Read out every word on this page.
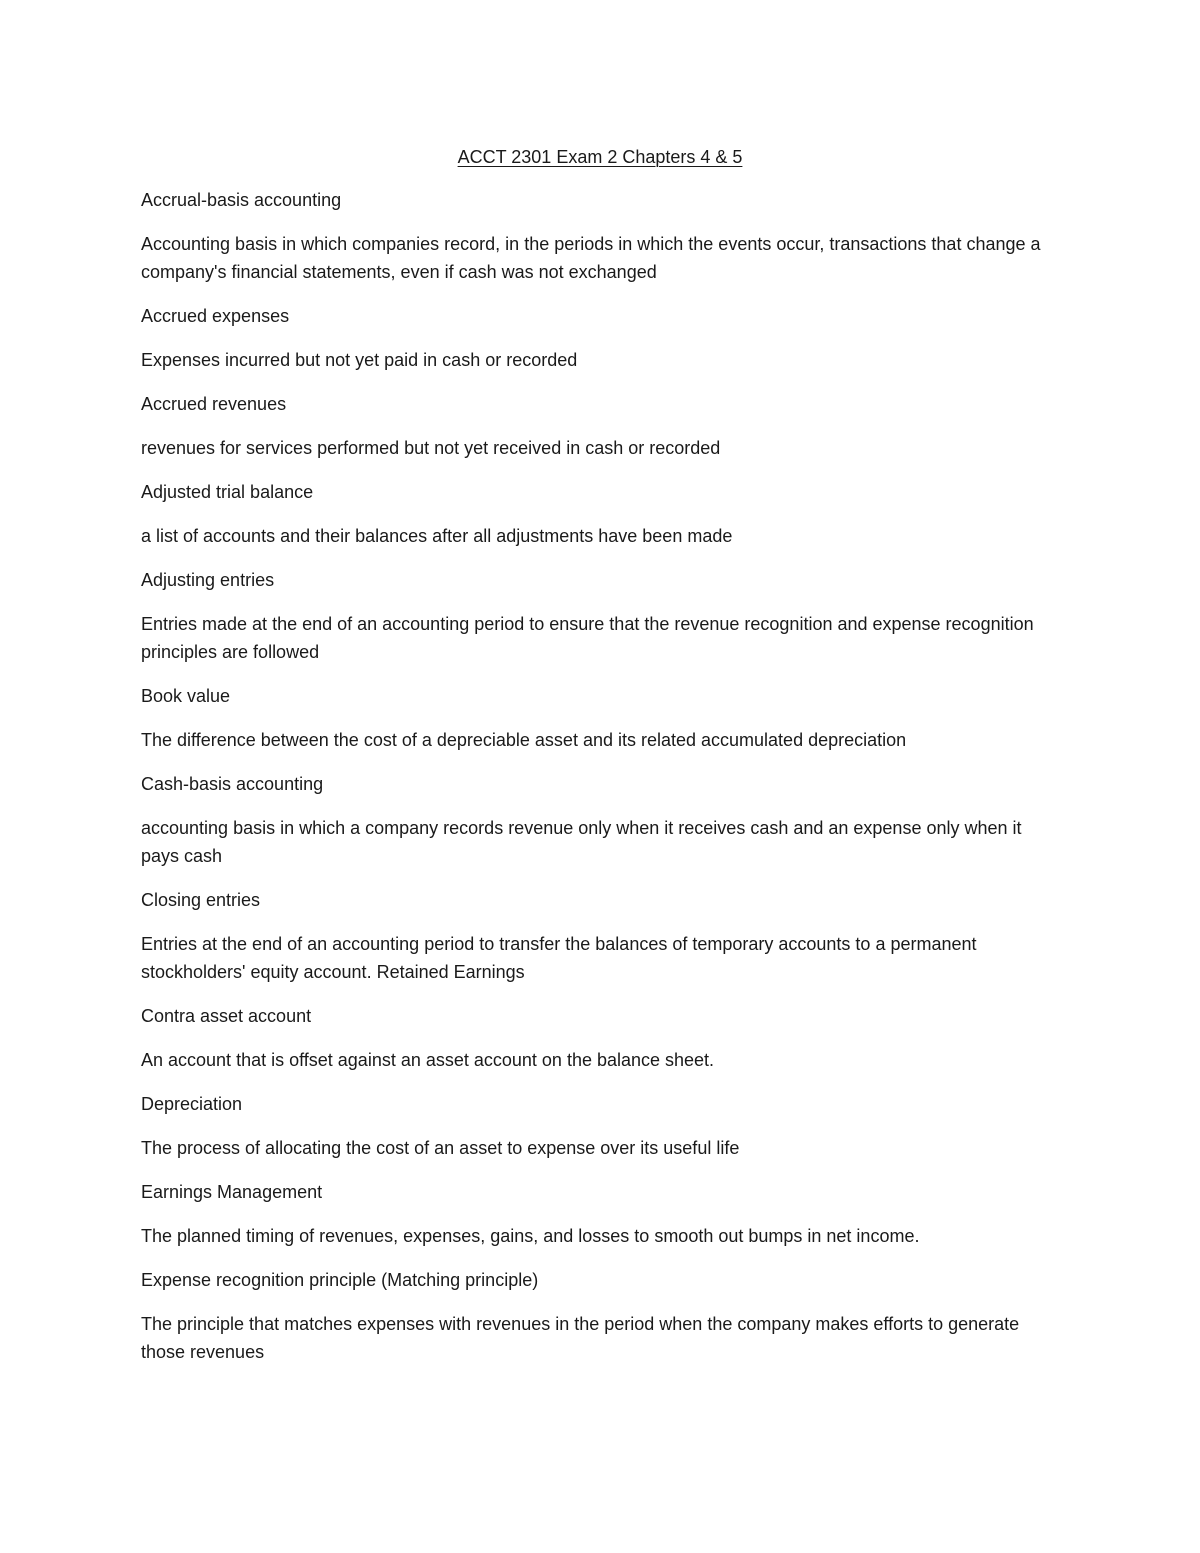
ACCT 2301 Exam 2 Chapters 4 & 5

Accrual-basis accounting

Accounting basis in which companies record, in the periods in which the events occur, transactions that change a company's financial statements, even if cash was not exchanged

Accrued expenses

Expenses incurred but not yet paid in cash or recorded

Accrued revenues

revenues for services performed but not yet received in cash or recorded

Adjusted trial balance

a list of accounts and their balances after all adjustments have been made

Adjusting entries

Entries made at the end of an accounting period to ensure that the revenue recognition and expense recognition principles are followed

Book value

The difference between the cost of a depreciable asset and its related accumulated depreciation

Cash-basis accounting

accounting basis in which a company records revenue only when it receives cash and an expense only when it pays cash

Closing entries

Entries at the end of an accounting period to transfer the balances of temporary accounts to a permanent stockholders' equity account. Retained Earnings

Contra asset account

An account that is offset against an asset account on the balance sheet.

Depreciation

The process of allocating the cost of an asset to expense over its useful life

Earnings Management

The planned timing of revenues, expenses, gains, and losses to smooth out bumps in net income.

Expense recognition principle (Matching principle)

The principle that matches expenses with revenues in the period when the company makes efforts to generate those revenues
